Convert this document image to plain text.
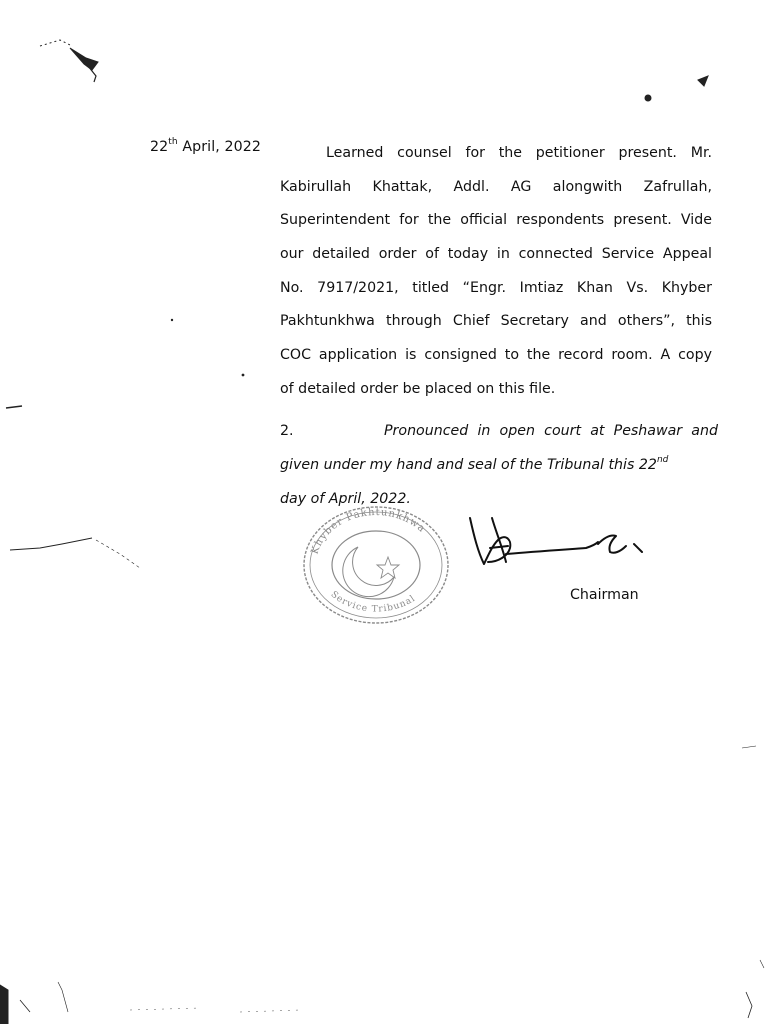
22th April, 2022	Learned counsel for the petitioner present. Mr.
Kabirullah Khattak, Addl. AG alongwith Zafrullah,
Superintendent for the official respondents present. Vide
our detailed order of today in connected Service Appeal
No. 7917/2021, titled “Engr. Imtiaz Khan Vs. Khyber
Pakhtunkhwa through Chief Secretary and others”, this
COC application is consigned to the record room. A copy
of detailed order be placed on this file.
2.	Pronounced in open court at Peshawar and
given under my hand and seal of the Tribunal this 22nd
day of April, 2022.
Khyber Pakhtunkhwa
Service Tribunal	Chairman
